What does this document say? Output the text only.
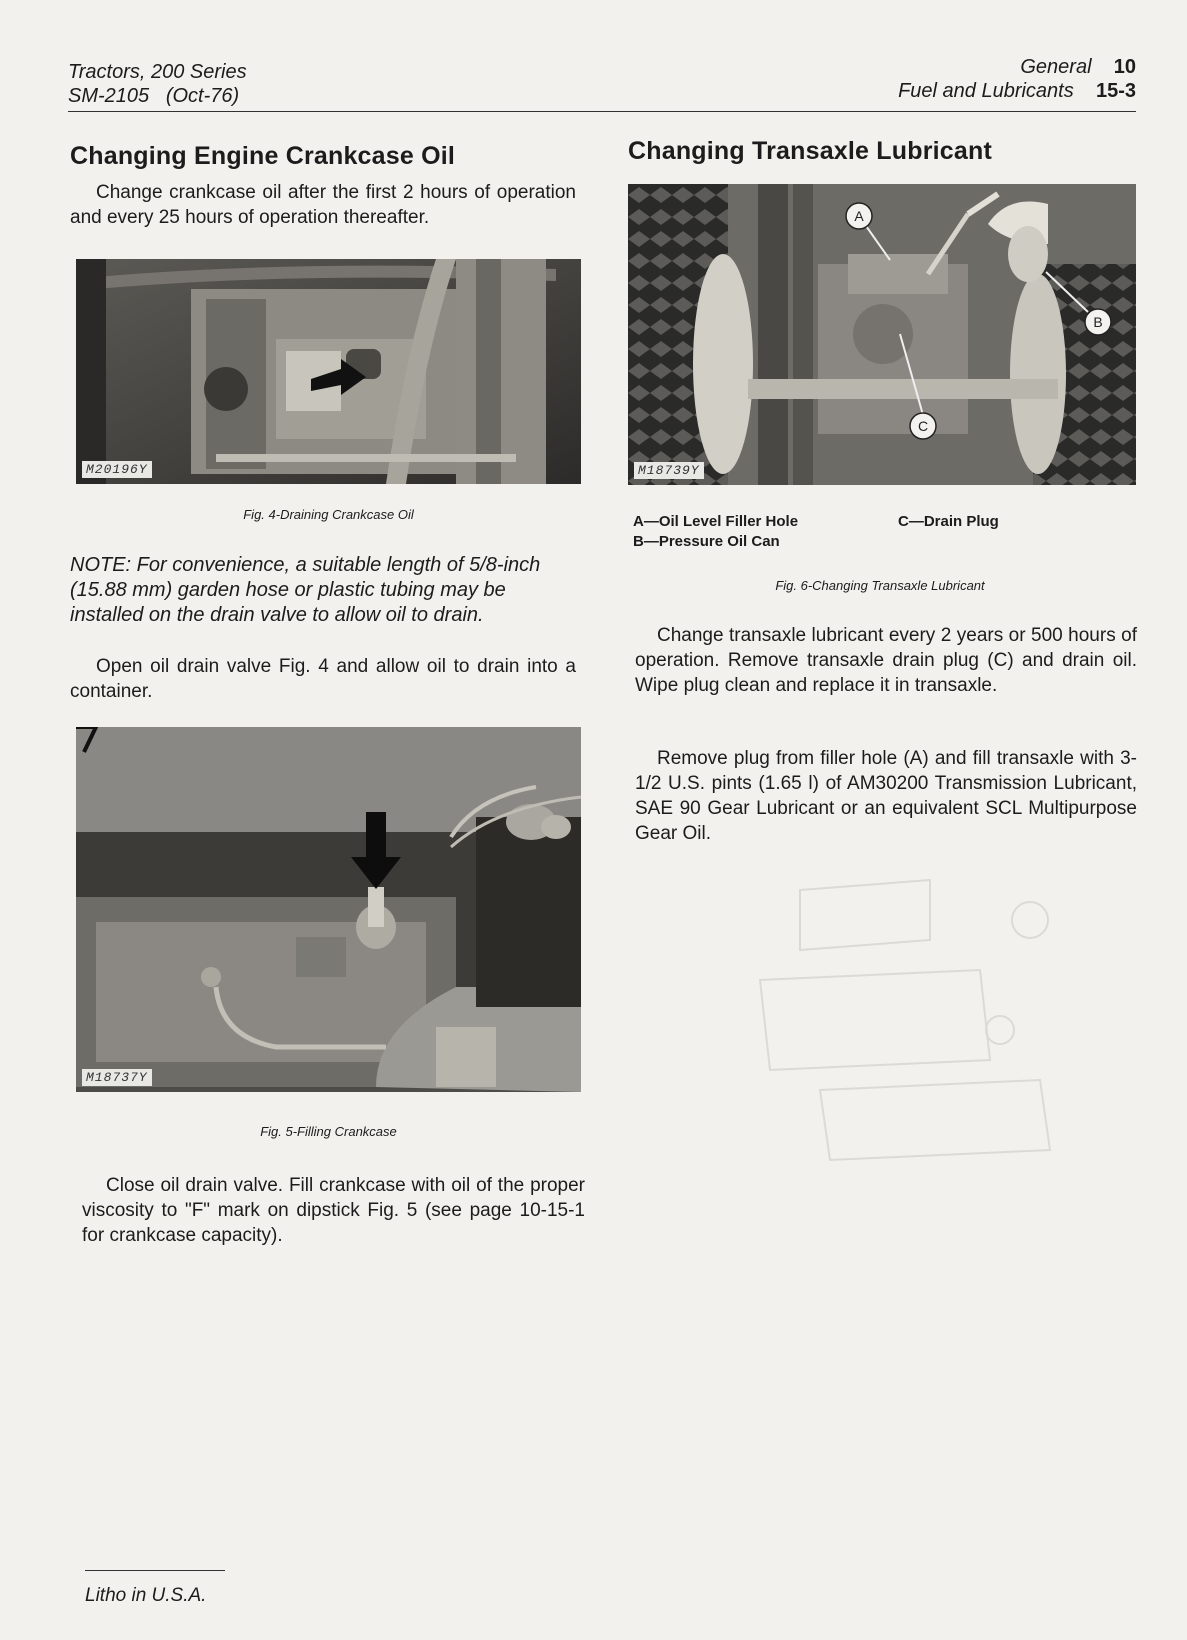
Tractors, 200 Series
SM-2105   (Oct-76)
General 10
Fuel and Lubricants 15-3
Changing Engine Crankcase Oil
Change crankcase oil after the first 2 hours of operation and every 25 hours of operation thereafter.
M20196Y
Fig. 4-Draining Crankcase Oil
NOTE: For convenience, a suitable length of 5/8-inch (15.88 mm) garden hose or plastic tubing may be installed on the drain valve to allow oil to drain.
Open oil drain valve Fig. 4 and allow oil to drain into a container.
M18737Y
Fig. 5-Filling Crankcase
Close oil drain valve. Fill crankcase with oil of the proper viscosity to "F" mark on dipstick Fig. 5 (see page 10-15-1 for crankcase capacity).
Changing Transaxle Lubricant
A
B
C
M18739Y
A—Oil Level Filler Hole
B—Pressure Oil Can
C—Drain Plug
Fig. 6-Changing Transaxle Lubricant
Change transaxle lubricant every 2 years or 500 hours of operation. Remove transaxle drain plug (C) and drain oil. Wipe plug clean and replace it in transaxle.
Remove plug from filler hole (A) and fill transaxle with 3-1/2 U.S. pints (1.65 l) of AM30200 Transmission Lubricant, SAE 90 Gear Lubricant or an equivalent SCL Multipurpose Gear Oil.
Litho in U.S.A.
